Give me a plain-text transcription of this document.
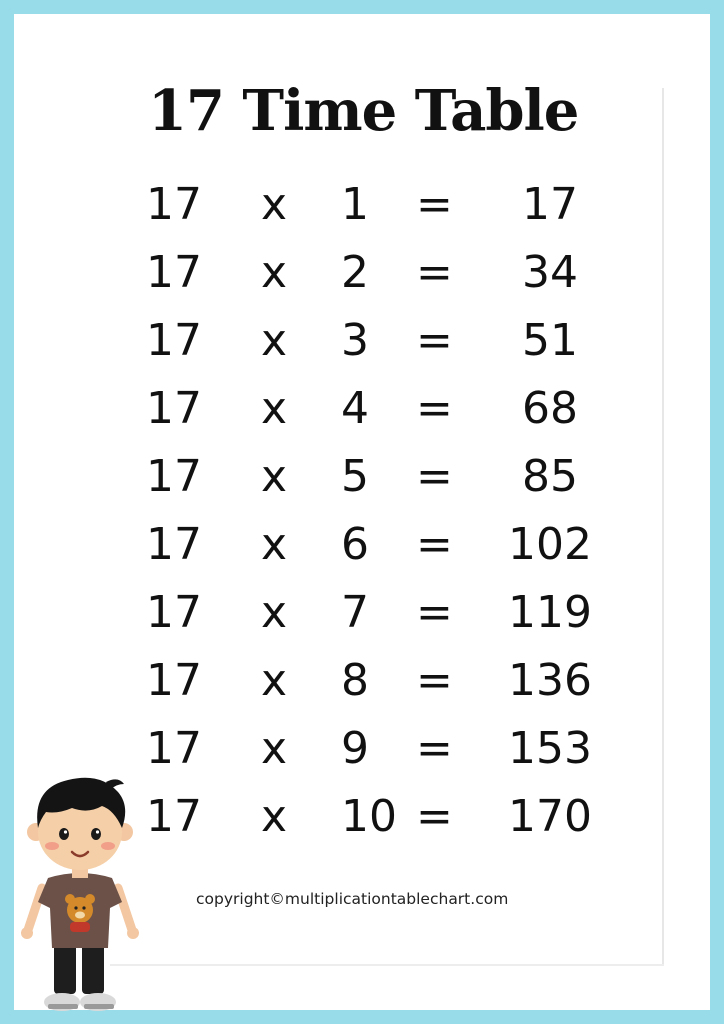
17 Time Table
17 x 1 =	17
17 x 2 =	34
17 x 3 =	51
17 x 4 =	68
17 x 5 =	85
17 x 6 = 102
17 x 7 = 119
17 x 8 = 136
17 x 9 = 153
17 x 10 = 170

copyright©multiplicationtablechart.com
